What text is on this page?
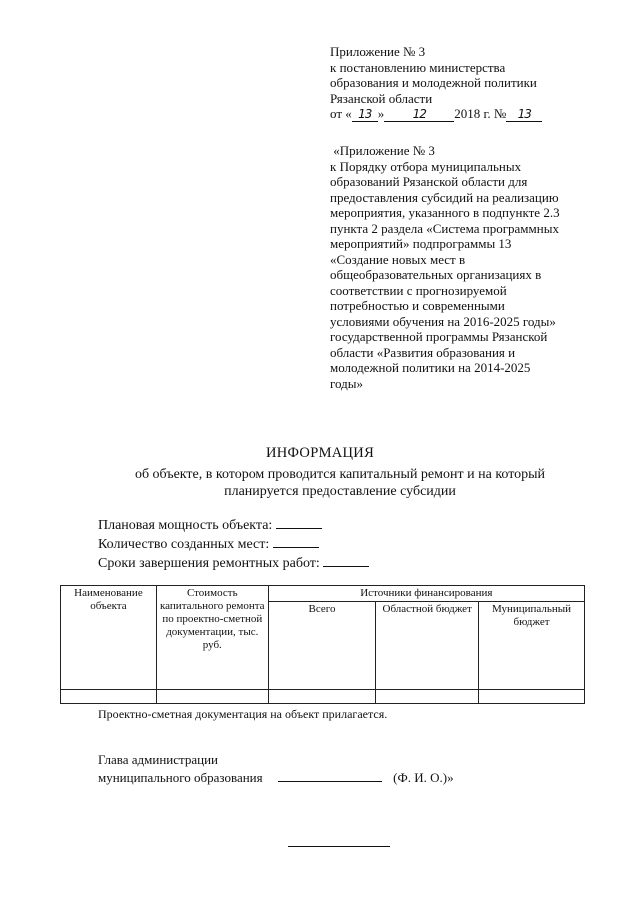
Приложение № 3
к постановлению министерства
образования и молодежной политики
Рязанской области
от « 13 » 12 2018 г. № 13
«Приложение № 3
к Порядку отбора муниципальных
образований Рязанской области для
предоставления субсидий на реализацию
мероприятия, указанного в подпункте 2.3
пункта 2 раздела «Система программных
мероприятий» подпрограммы 13
«Создание новых мест в
общеобразовательных организациях в
соответствии с прогнозируемой
потребностью и современными
условиями обучения на 2016-2025 годы»
государственной программы Рязанской
области «Развития образования и
молодежной политики на 2014-2025
годы»
ИНФОРМАЦИЯ
об объекте, в котором проводится капитальный ремонт и на который
планируется предоставление субсидии
Плановая мощность объекта:
Количество созданных мест:
Сроки завершения ремонтных работ:
Наименование объекта	Стоимость капитального ремонта по проектно-сметной документации, тыс. руб.	Источники финансирования		
		Всего	Областной бюджет	Муниципальный бюджет

Проектно-сметная документация на объект прилагается.
Глава администрации
муниципального образования	(Ф. И. О.)»
